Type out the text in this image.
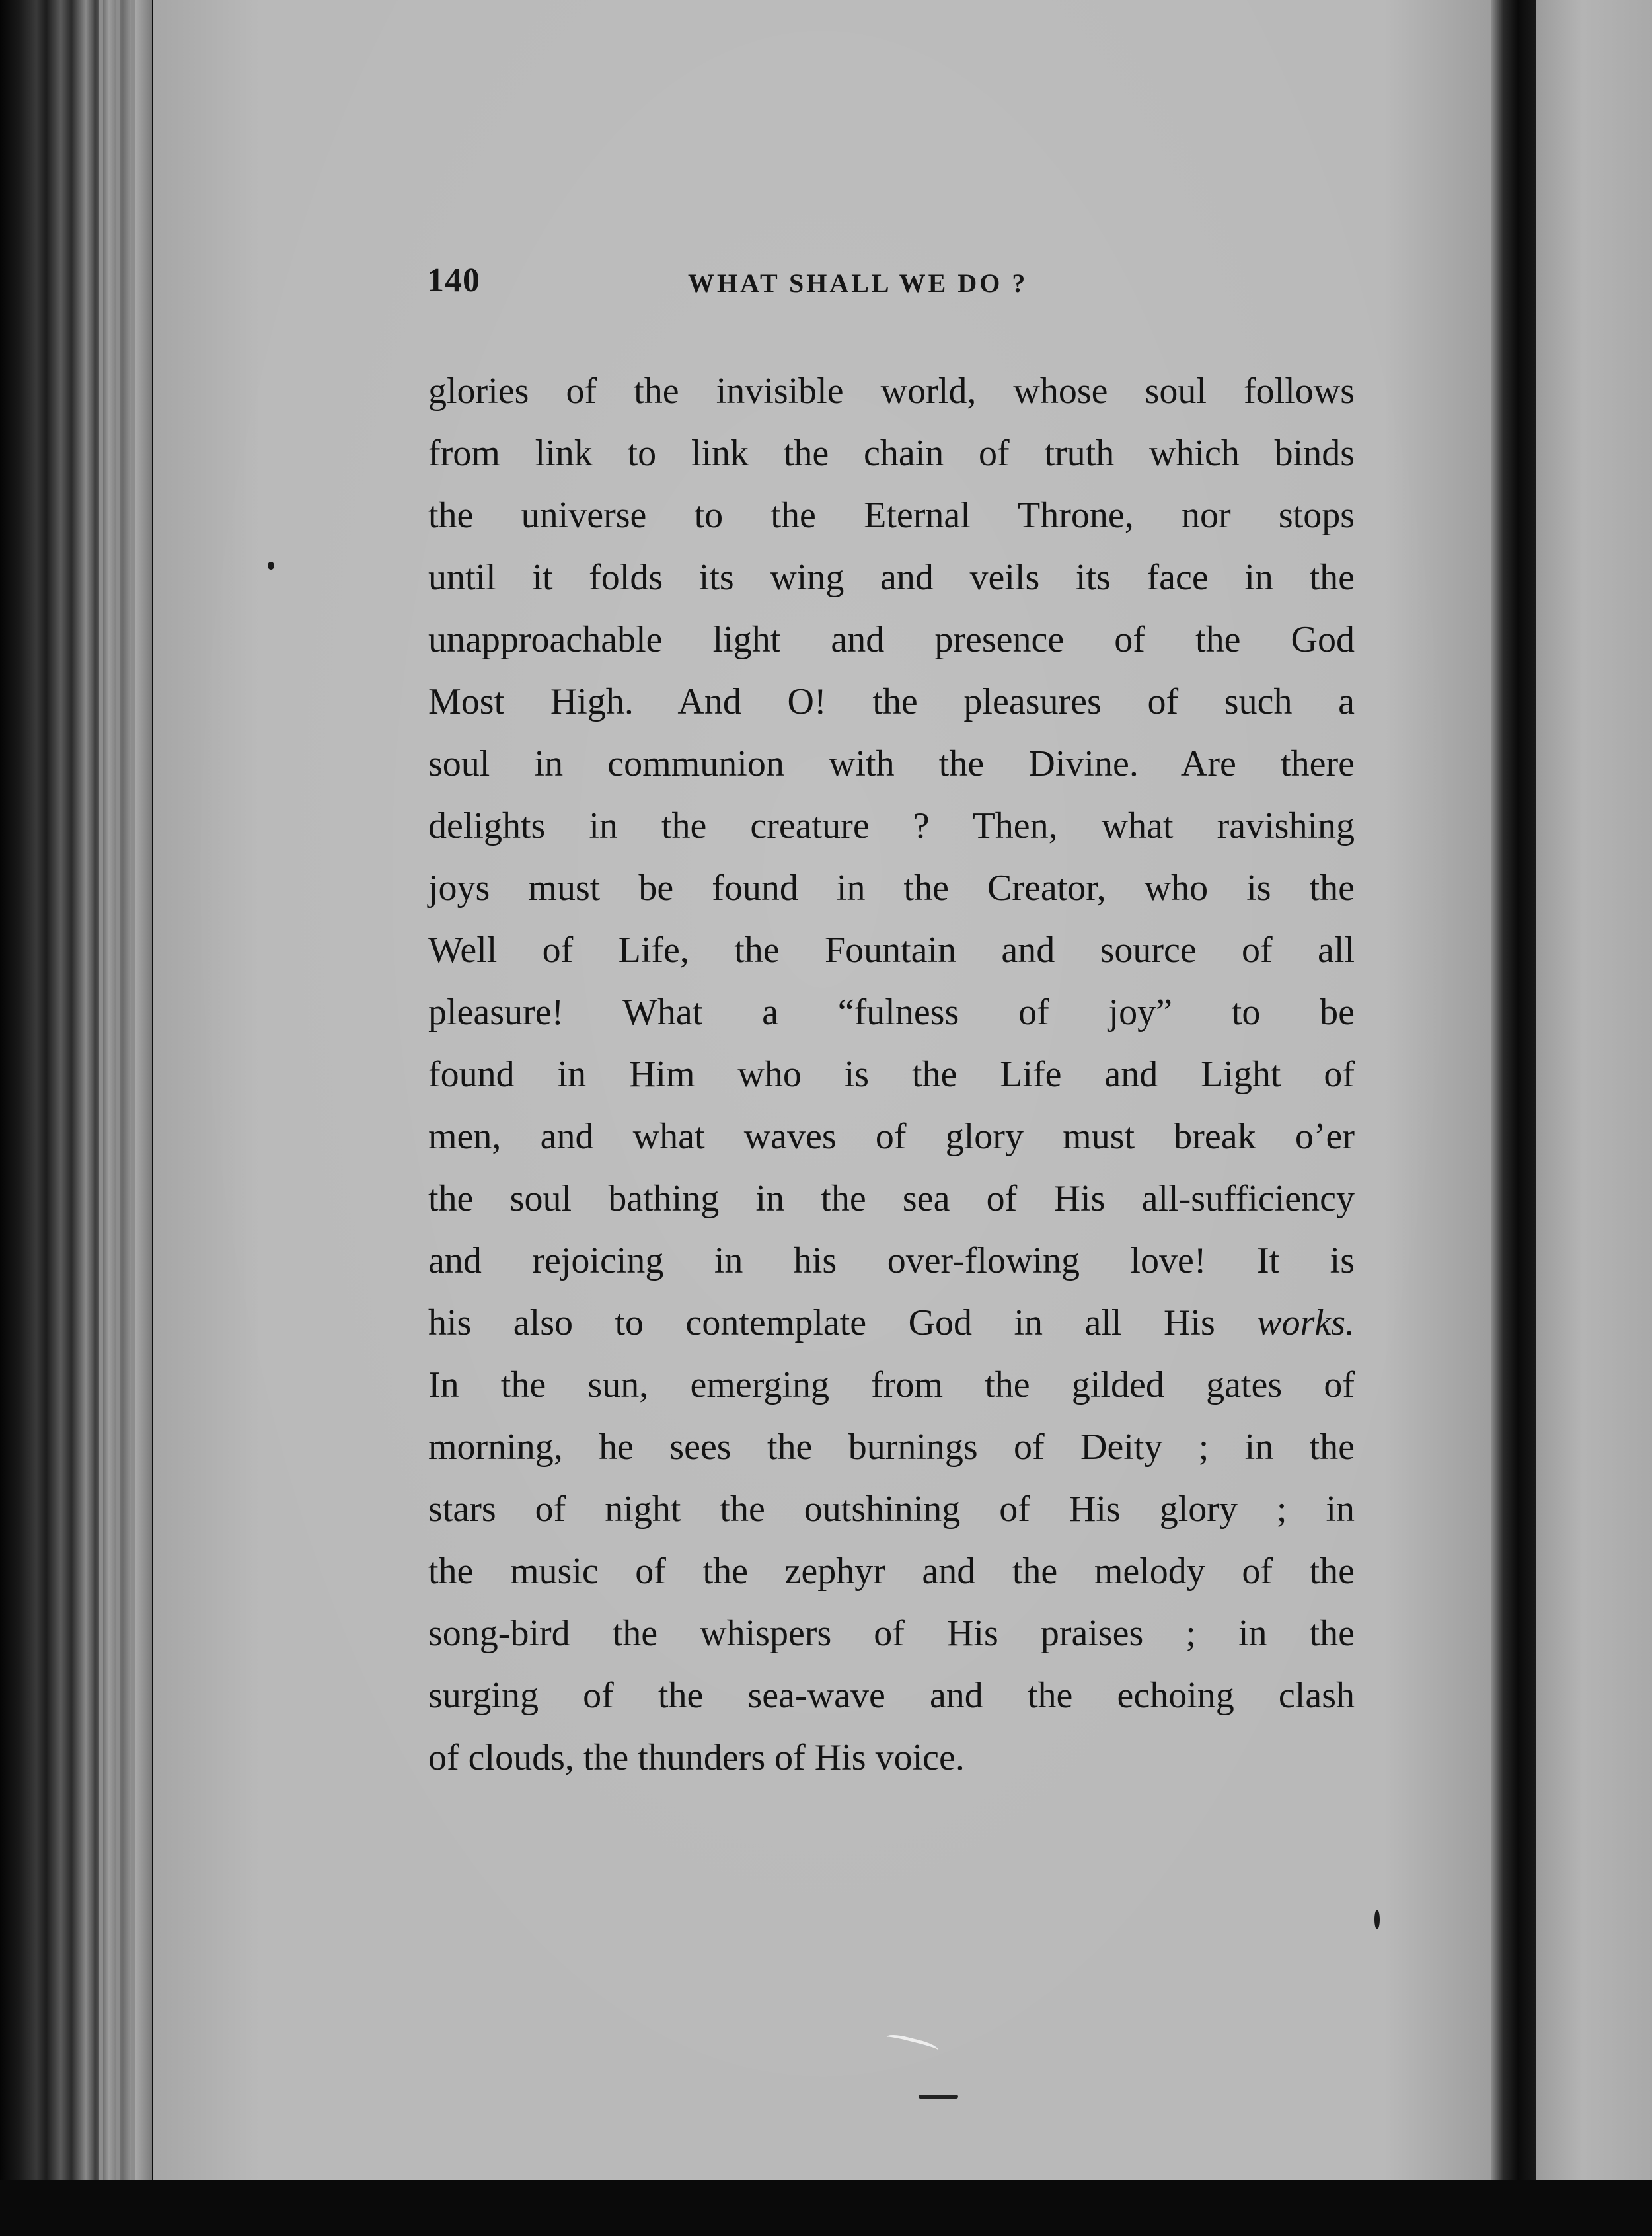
140	WHAT SHALL WE DO ?
glories of the invisible world, whose soul follows
from link to link the chain of truth which binds
the universe to the Eternal Throne, nor stops
until it folds its wing and veils its face in the
unapproachable light and presence of the God
Most High. And O! the pleasures of such a
soul in communion with the Divine. Are there
delights in the creature ? Then, what ravishing
joys must be found in the Creator, who is the
Well of Life, the Fountain and source of all
pleasure! What a “fulness of joy” to be
found in Him who is the Life and Light of
men, and what waves of glory must break o’er
the soul bathing in the sea of His all-sufficiency
and rejoicing in his over-flowing love! It is
his also to contemplate God in all His works.
In the sun, emerging from the gilded gates of
morning, he sees the burnings of Deity ; in the
stars of night the outshining of His glory ; in
the music of the zephyr and the melody of the
song-bird the whispers of His praises ; in the
surging of the sea-wave and the echoing clash
of clouds, the thunders of His voice.
